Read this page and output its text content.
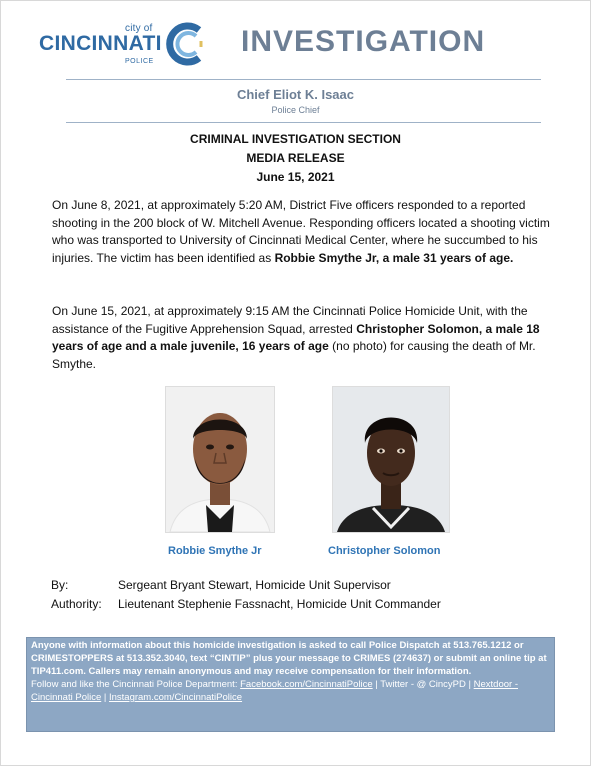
city of
CINCINNATI
POLICE
INVESTIGATION
Chief Eliot K. Isaac
Police Chief
CRIMINAL INVESTIGATION SECTION
MEDIA RELEASE
June 15, 2021
On June 8, 2021, at approximately 5:20 AM, District Five officers responded to a reported shooting in the 200 block of W. Mitchell Avenue. Responding officers located a shooting victim who was transported to University of Cincinnati Medical Center, where he succumbed to his injuries. The victim has been identified as Robbie Smythe Jr, a male 31 years of age.
On June 15, 2021, at approximately 9:15 AM the Cincinnati Police Homicide Unit, with the assistance of the Fugitive Apprehension Squad, arrested Christopher Solomon, a male 18 years of age and a male juvenile, 16 years of age (no photo) for causing the death of Mr. Smythe.
Robbie Smythe Jr	Christopher Solomon
By:	Sergeant Bryant Stewart, Homicide Unit Supervisor
Authority: Lieutenant Stephenie Fassnacht, Homicide Unit Commander
Anyone with information about this homicide investigation is asked to call Police Dispatch at 513.765.1212 or CRIMESTOPPERS at 513.352.3040, text “CINTIP” plus your message to CRIMES (274637) or submit an online tip at TIP411.com. Callers may remain anonymous and may receive compensation for their information.
Follow and like the Cincinnati Police Department: Facebook.com/CincinnatiPolice | Twitter - @ CincyPD | Nextdoor - Cincinnati Police | Instagram.com/CincinnatiPolice
